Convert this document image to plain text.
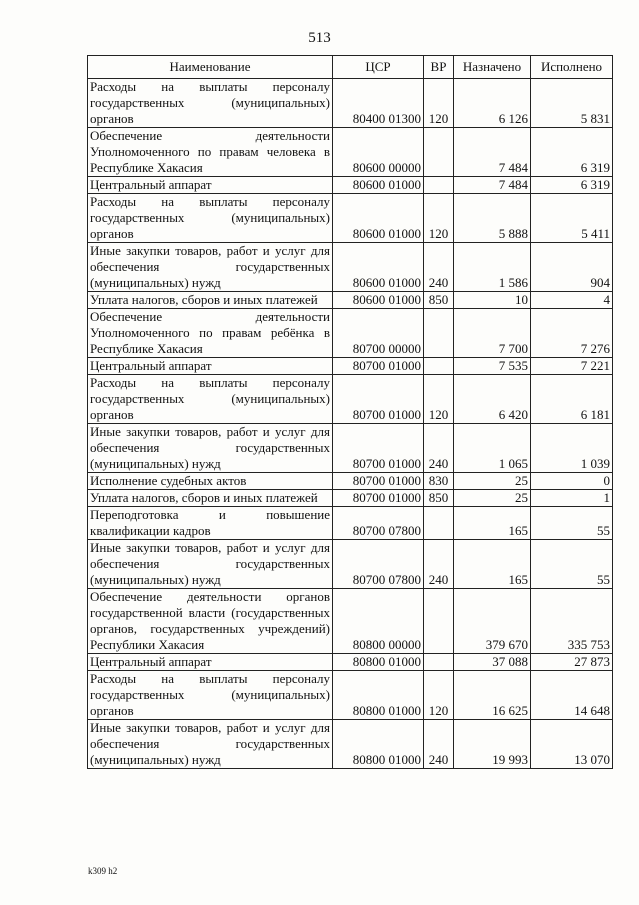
513
Наименование	ЦСР	ВР	Назначено	Исполнено
Расходы на выплаты персоналу государственных (муниципальных) органов	80400 01300	120	6 126	5 831
Обеспечение деятельности Уполномоченного по правам человека в Республике Хакасия	80600 00000		7 484	6 319
Центральный аппарат	80600 01000		7 484	6 319
Расходы на выплаты персоналу государственных (муниципальных) органов	80600 01000	120	5 888	5 411
Иные закупки товаров, работ и услуг для обеспечения государственных (муниципальных) нужд	80600 01000	240	1 586	904
Уплата налогов, сборов и иных платежей	80600 01000	850	10	4
Обеспечение деятельности Уполномоченного по правам ребёнка в Республике Хакасия	80700 00000		7 700	7 276
Центральный аппарат	80700 01000		7 535	7 221
Расходы на выплаты персоналу государственных (муниципальных) органов	80700 01000	120	6 420	6 181
Иные закупки товаров, работ и услуг для обеспечения государственных (муниципальных) нужд	80700 01000	240	1 065	1 039
Исполнение судебных актов	80700 01000	830	25	0
Уплата налогов, сборов и иных платежей	80700 01000	850	25	1
Переподготовка и повышение квалификации кадров	80700 07800		165	55
Иные закупки товаров, работ и услуг для обеспечения государственных (муниципальных) нужд	80700 07800	240	165	55
Обеспечение деятельности органов государственной власти (государственных органов, государственных учреждений) Республики Хакасия	80800 00000		379 670	335 753
Центральный аппарат	80800 01000		37 088	27 873
Расходы на выплаты персоналу государственных (муниципальных) органов	80800 01000	120	16 625	14 648
Иные закупки товаров, работ и услуг для обеспечения государственных (муниципальных) нужд	80800 01000	240	19 993	13 070
k309 h2
